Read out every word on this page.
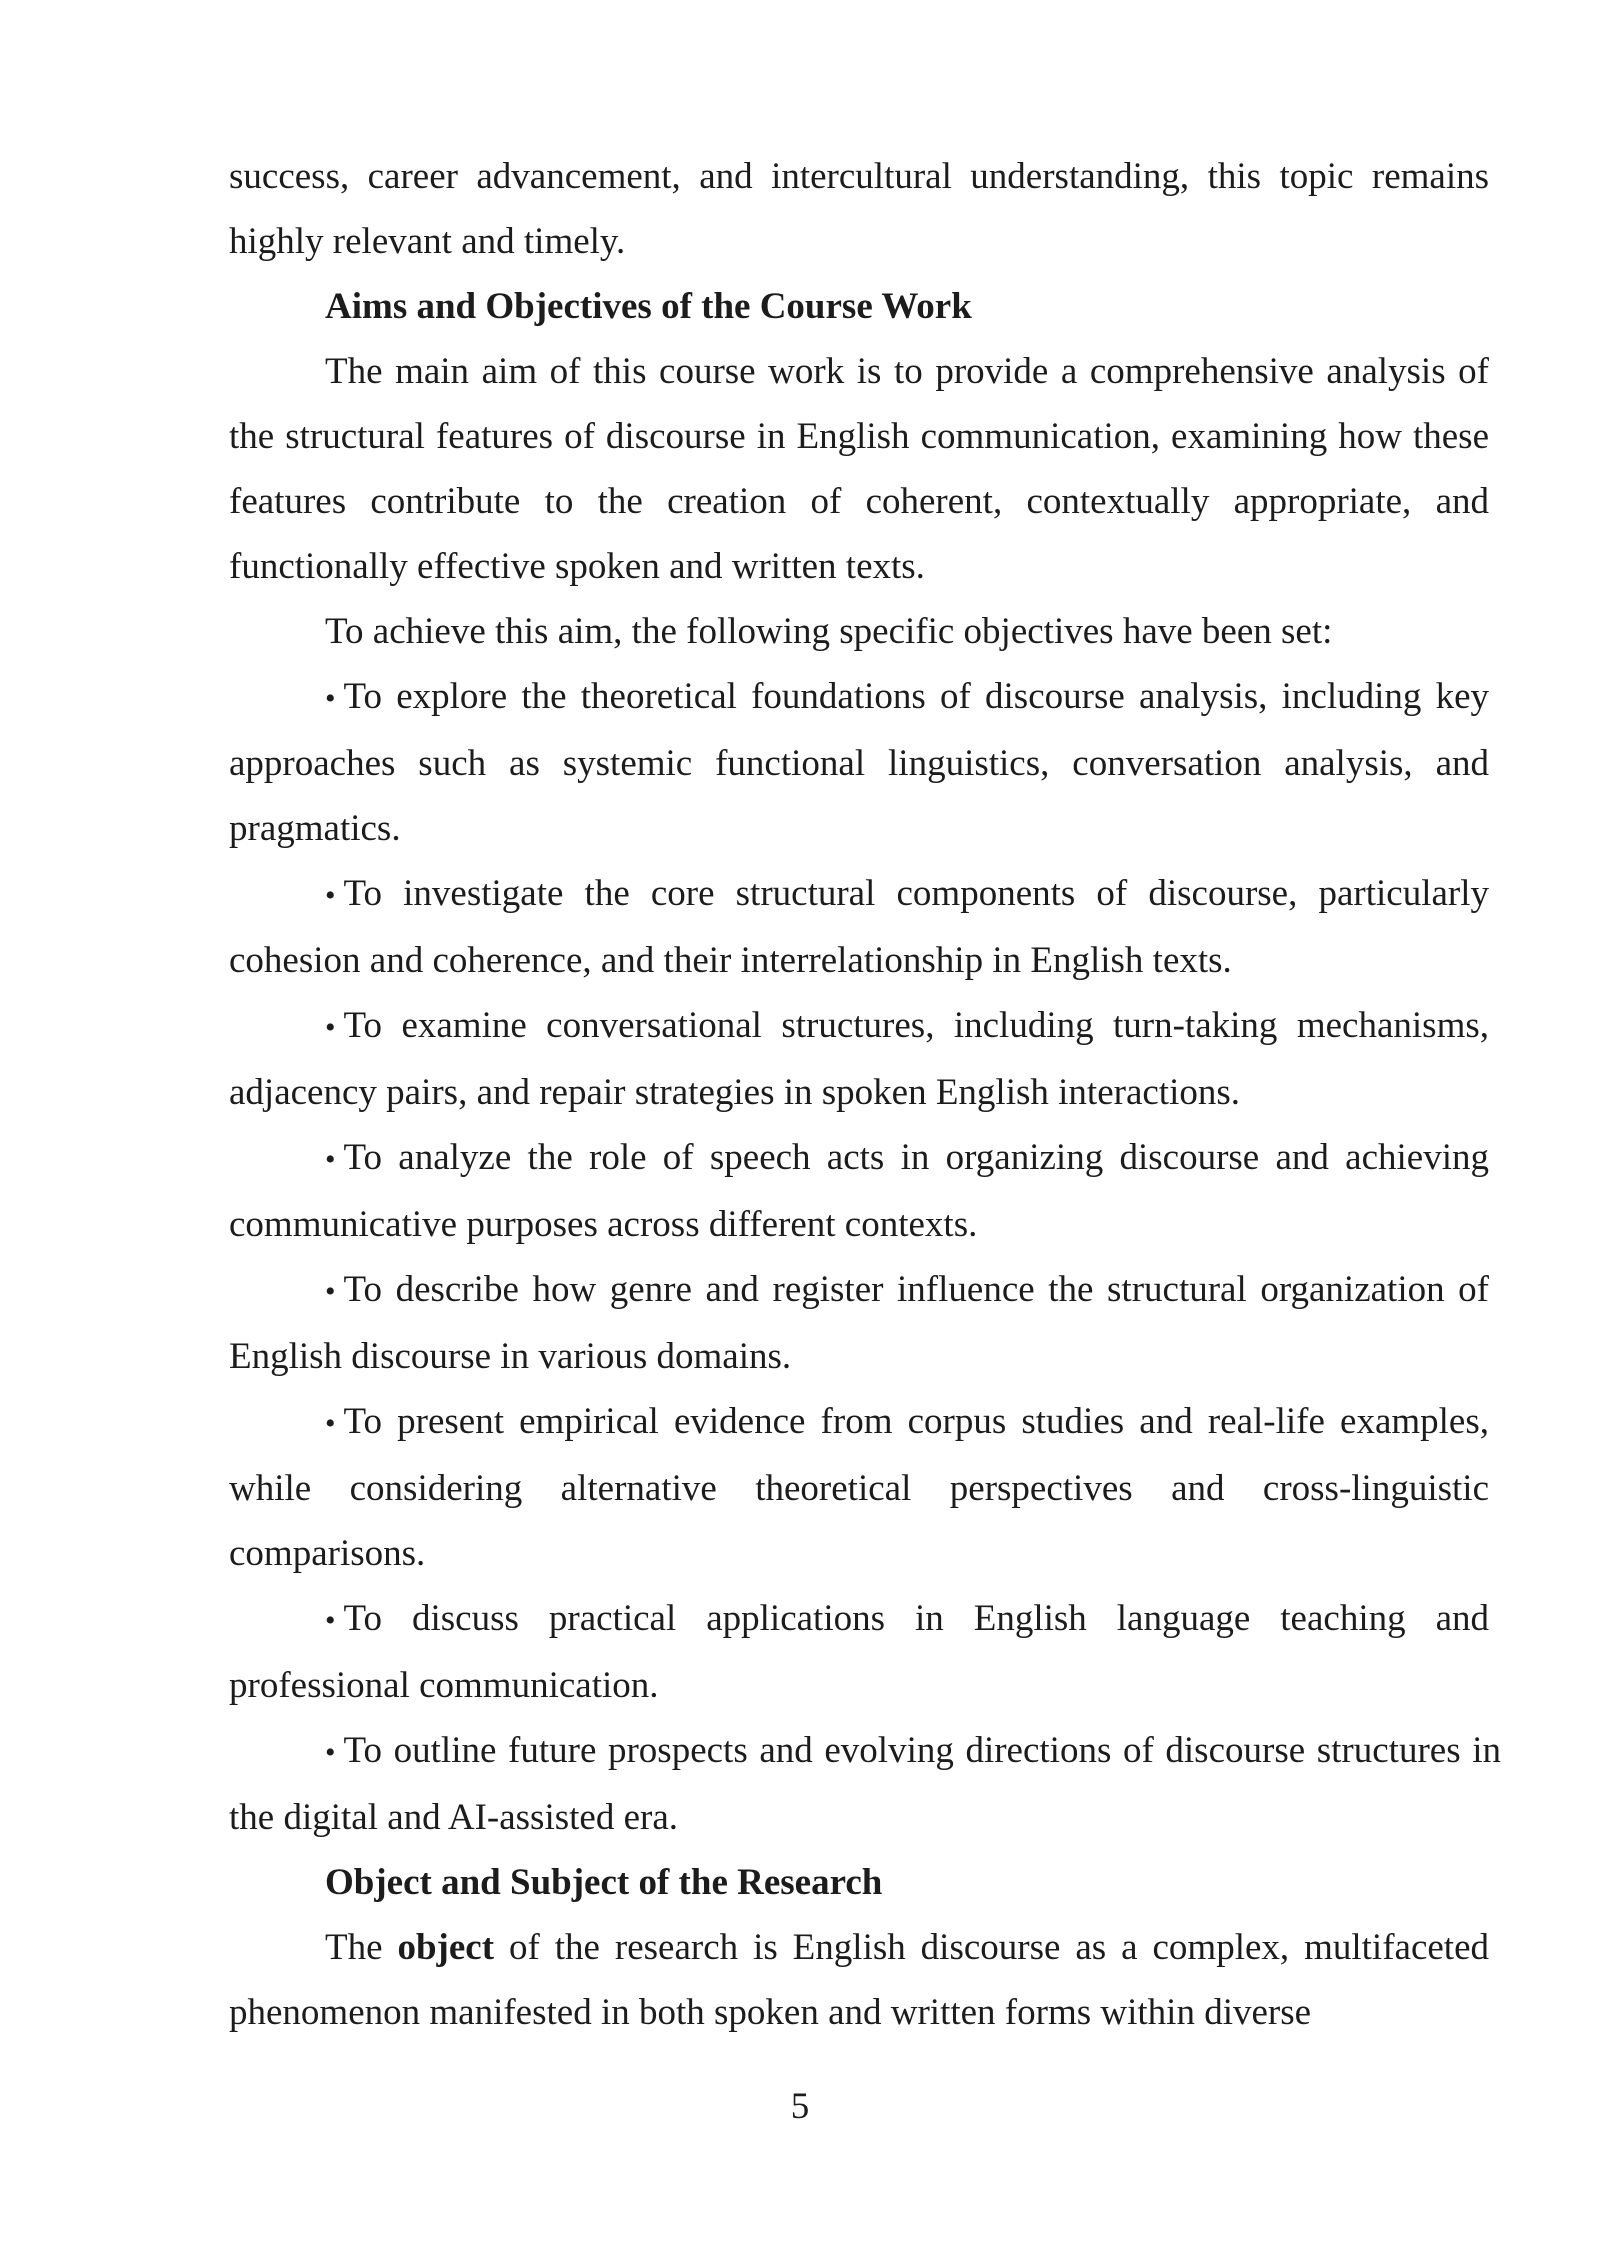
success, career advancement, and intercultural understanding, this topic remains highly relevant and timely.

Aims and Objectives of the Course Work

The main aim of this course work is to provide a comprehensive analysis of the structural features of discourse in English communication, examining how these features contribute to the creation of coherent, contextually appropriate, and functionally effective spoken and written texts.

To achieve this aim, the following specific objectives have been set:

• To explore the theoretical foundations of discourse analysis, including key approaches such as systemic functional linguistics, conversation analysis, and pragmatics.

• To investigate the core structural components of discourse, particularly cohesion and coherence, and their interrelationship in English texts.

• To examine conversational structures, including turn-taking mechanisms, adjacency pairs, and repair strategies in spoken English interactions.

• To analyze the role of speech acts in organizing discourse and achieving communicative purposes across different contexts.

• To describe how genre and register influence the structural organization of English discourse in various domains.

• To present empirical evidence from corpus studies and real-life examples, while considering alternative theoretical perspectives and cross-linguistic comparisons.

• To discuss practical applications in English language teaching and professional communication.

• To outline future prospects and evolving directions of discourse structures in the digital and AI-assisted era.

Object and Subject of the Research

The object of the research is English discourse as a complex, multifaceted phenomenon manifested in both spoken and written forms within diverse

5
